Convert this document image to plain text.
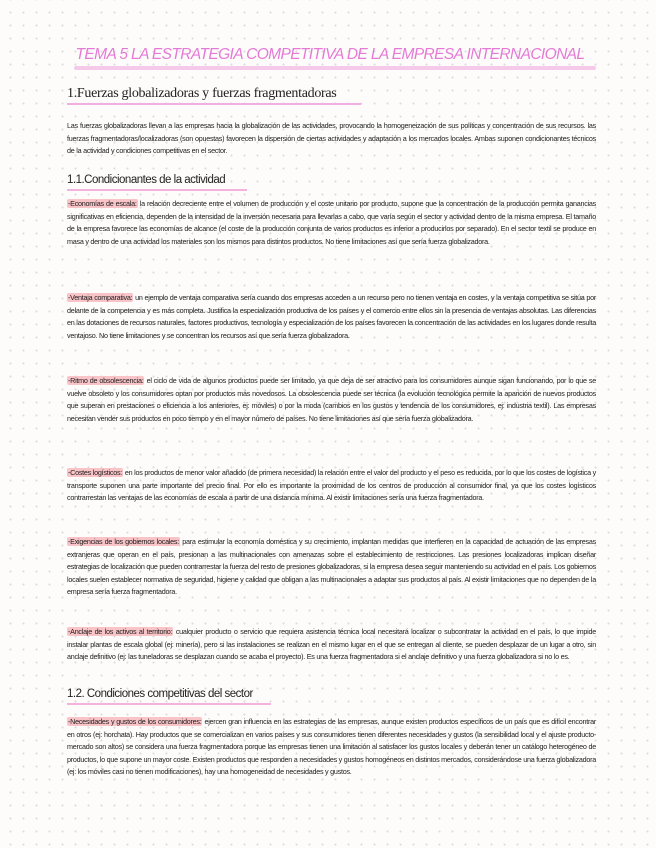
TEMA 5 LA ESTRATEGIA COMPETITIVA DE LA EMPRESA INTERNACIONAL
1.Fuerzas globalizadoras y fuerzas fragmentadoras
Las fuerzas globalizadoras llevan a las empresas hacia la globalización de las actividades, provocando la homogeneización de sus políticas y concentración de sus recursos. las fuerzas fragmentadoras/localizadoras (son opuestas) favorecen la dispersión de ciertas actividades y adaptación a los mercados locales. Ambas suponen condicionantes técnicos de la actividad y condiciones competitivas en el sector.
1.1.Condicionantes de la actividad
-Economías de escala: la relación decreciente entre el volumen de producción y el coste unitario por producto, supone que la concentración de la producción permita ganancias significativas en eficiencia, dependen de la intensidad de la inversión necesaria para llevarlas a cabo, que varía según el sector y actividad dentro de la misma empresa. El tamaño de la empresa favorece las economías de alcance (el coste de la producción conjunta de varios productos es inferior a producirlos por separado). En el sector textil se produce en masa y dentro de una actividad los materiales son los mismos para distintos productos. No tiene limitaciones así que sería fuerza globalizadora.
-Ventaja comparativa: un ejemplo de ventaja comparativa sería cuando dos empresas acceden a un recurso pero no tienen ventaja en costes, y la ventaja competitiva se sitúa por delante de la competencia y es más completa. Justifica la especialización productiva de los países y el comercio entre ellos sin la presencia de ventajas absolutas. Las diferencias en las dotaciones de recursos naturales, factores productivos, tecnología y especialización de los países favorecen la concentración de las actividades en los lugares donde resulta ventajoso. No tiene limitaciones y se concentran los recursos así que sería fuerza globalizadora.
-Ritmo de obsolescencia: el ciclo de vida de algunos productos puede ser limitado, ya que deja de ser atractivo para los consumidores aunque sigan funcionando, por lo que se vuelve obsoleto y los consumidores optan por productos más novedosos. La obsolescencia puede ser técnica (la evolución tecnológica permite la aparición de nuevos productos que superan en prestaciones o eficiencia a los anteriores, ej: móviles) o por la moda (cambios en los gustos y tendencia de los consumidores, ej: industria textil). Las empresas necesitan vender sus productos en poco tiempo y en el mayor número de países. No tiene limitaciones así que sería fuerza globalizadora.
-Costes logísticos: en los productos de menor valor añadido (de primera necesidad) la relación entre el valor del producto y el peso es reducida, por lo que los costes de logística y transporte suponen una parte importante del precio final. Por ello es importante la proximidad de los centros de producción al consumidor final, ya que los costes logísticos contrarrestan las ventajas de las economías de escala a partir de una distancia mínima. Al existir limitaciones sería una fuerza fragmentadora.
-Exigencias de los gobiernos locales: para estimular la economía doméstica y su crecimiento, implantan medidas que interfieren en la capacidad de actuación de las empresas extranjeras que operan en el país, presionan a las multinacionales con amenazas sobre el establecimiento de restricciones. Las presiones localizadoras implican diseñar estrategias de localización que pueden contrarrestar la fuerza del resto de presiones globalizadoras, si la empresa desea seguir manteniendo su actividad en el país. Los gobiernos locales suelen establecer normativa de seguridad, higiene y calidad que obligan a las multinacionales a adaptar sus productos al país. Al existir limitaciones que no dependen de la empresa sería fuerza fragmentadora.
-Anclaje de los activos al territorio: cualquier producto o servicio que requiera asistencia técnica local necesitará localizar o subcontratar la actividad en el país, lo que impide instalar plantas de escala global (ej: minería), pero si las instalaciones se realizan en el mismo lugar en el que se entregan al cliente, se pueden desplazar de un lugar a otro, sin anclaje definitivo (ej: las tuneladoras se desplazan cuando se acaba el proyecto). Es una fuerza fragmentadora si el anclaje definitivo y una fuerza globalizadora si no lo es.
1.2. Condiciones competitivas del sector
-Necesidades y gustos de los consumidores: ejercen gran influencia en las estrategias de las empresas, aunque existen productos específicos de un país que es difícil encontrar en otros (ej: horchata). Hay productos que se comercializan en varios países y sus consumidores tienen diferentes necesidades y gustos (la sensibilidad local y el ajuste producto-mercado son altos) se considera una fuerza fragmentadora porque las empresas tienen una limitación al satisfacer los gustos locales y deberán tener un catálogo heterogéneo de productos, lo que supone un mayor coste. Existen productos que responden a necesidades y gustos homogéneos en distintos mercados, considerándose una fuerza globalizadora (ej: los móviles casi no tienen modificaciones), hay una homogeneidad de necesidades y gustos.
